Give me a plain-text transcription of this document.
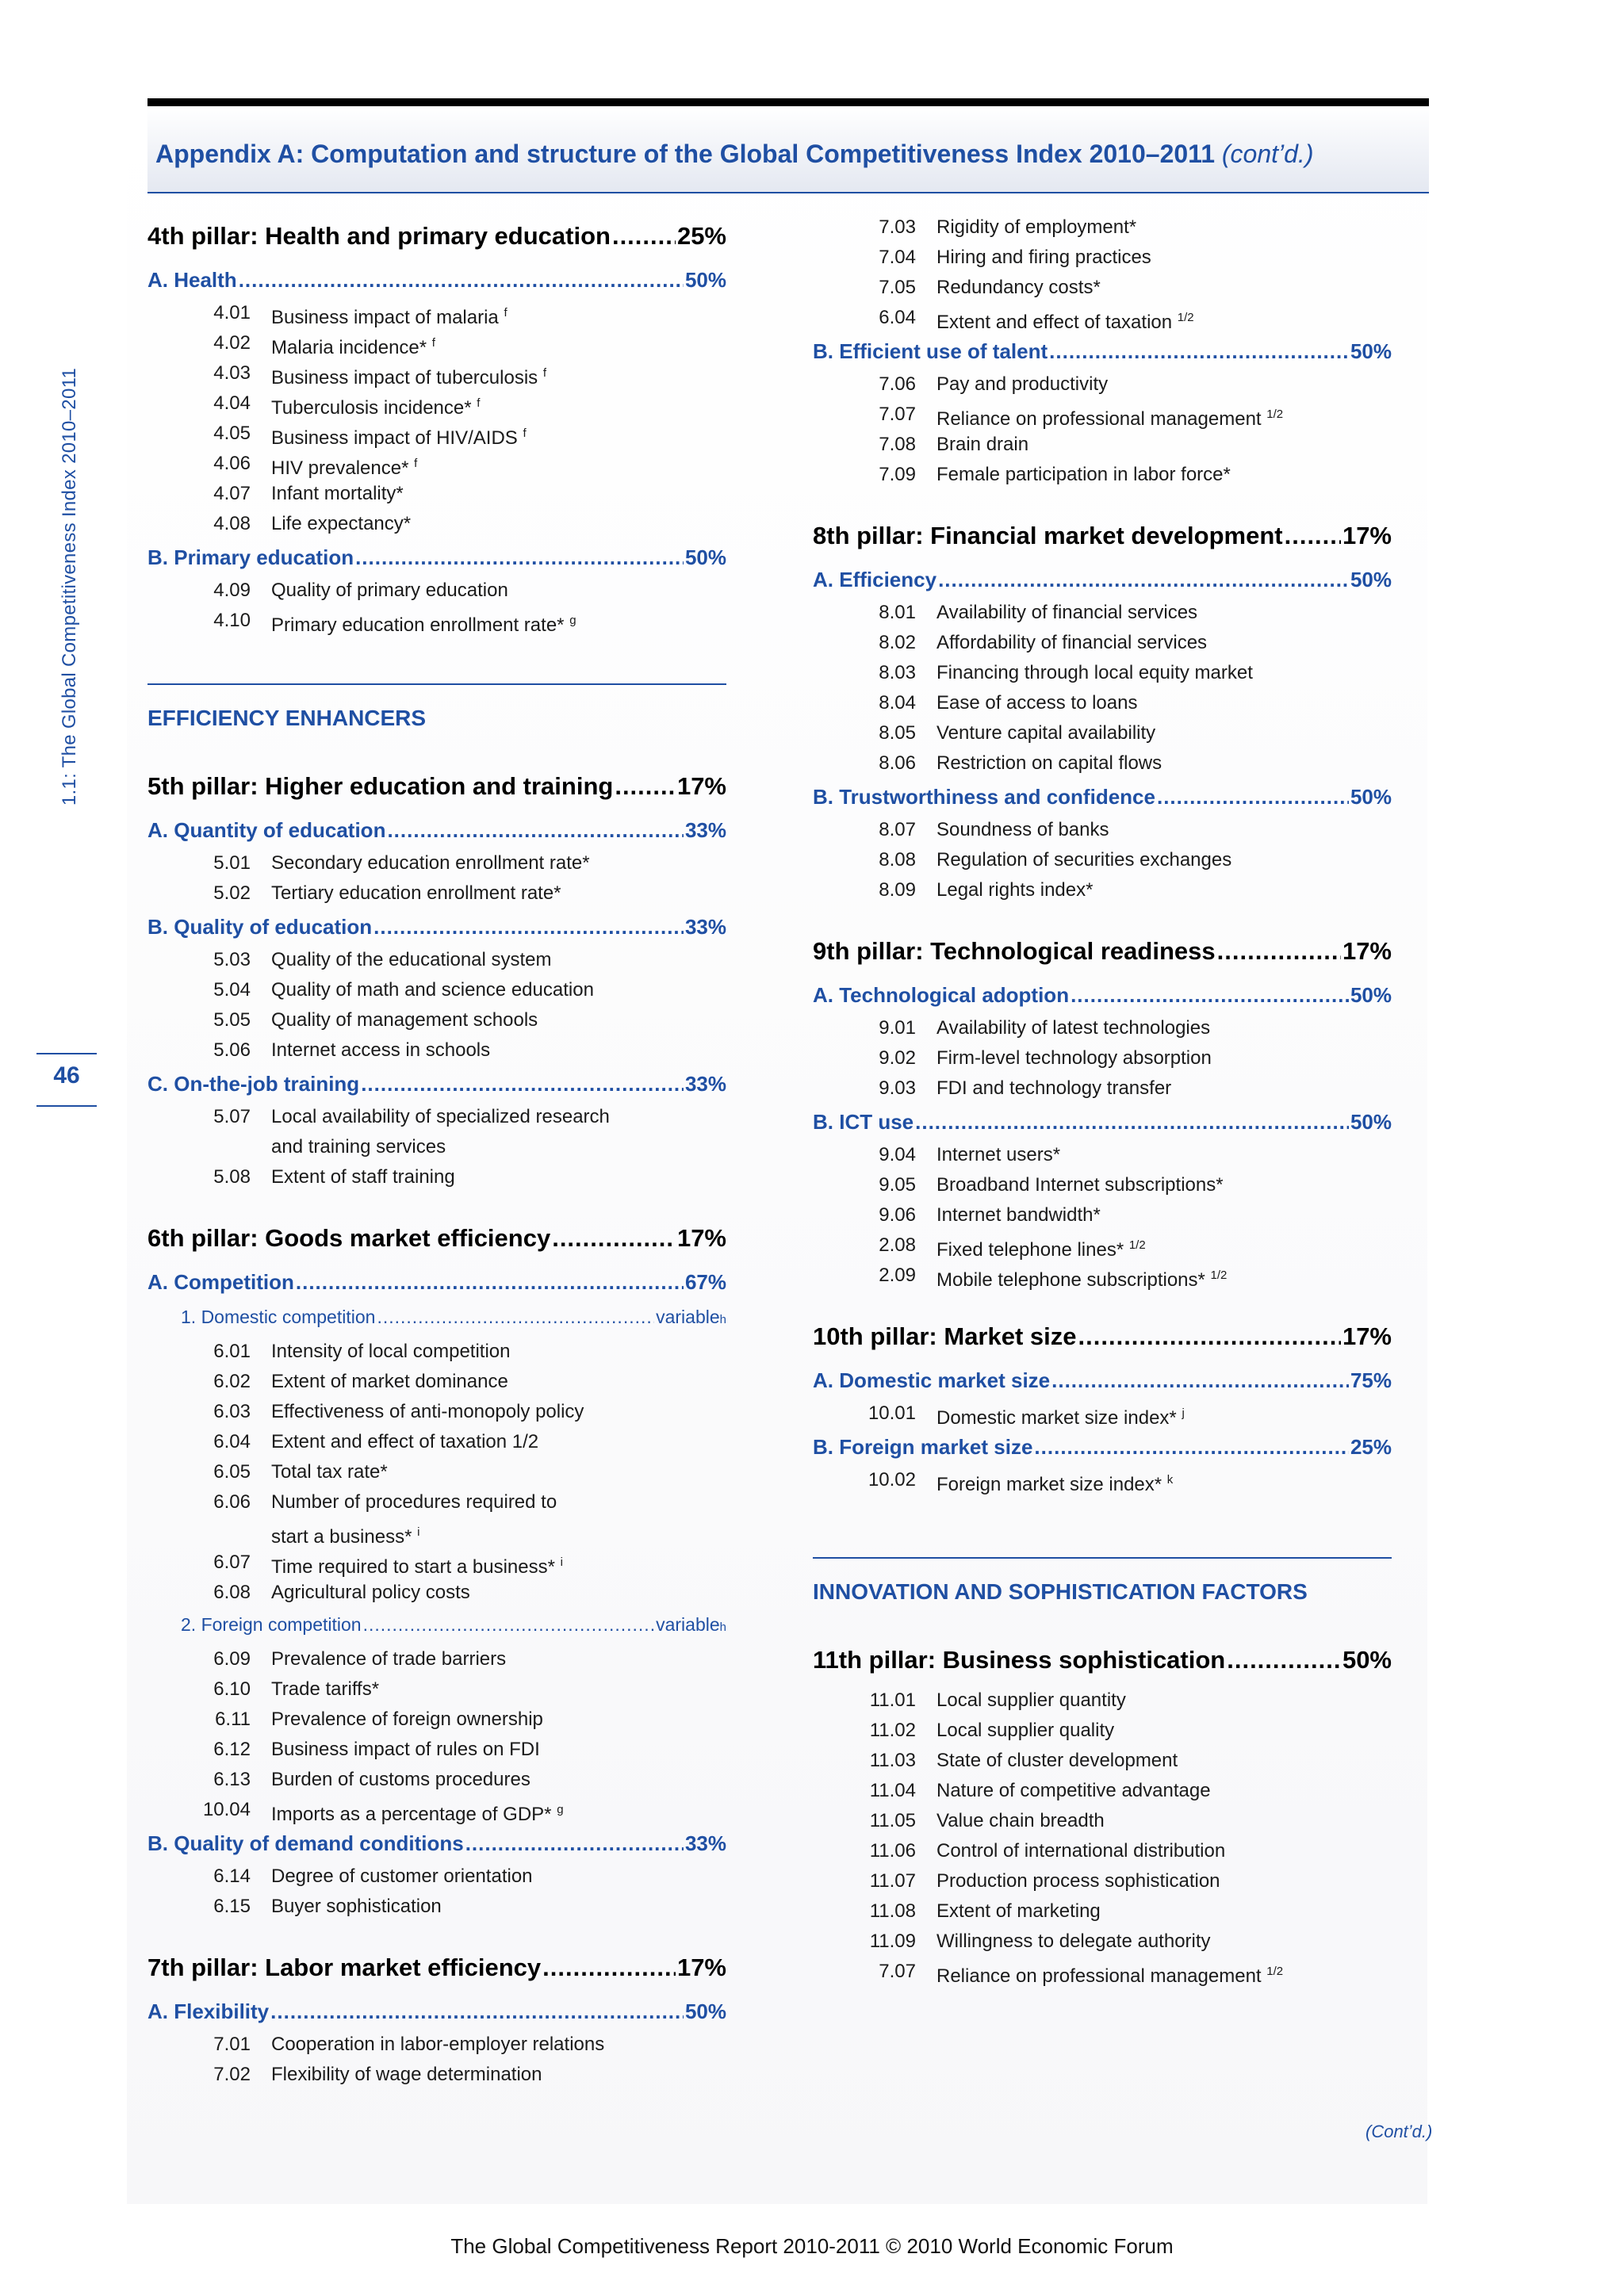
1.1: The Global Competitiveness Index 2010–2011
46
Appendix A: Computation and structure of the Global Competitiveness Index 2010–2011 (cont’d.)
4th pillar: Health and primary education .....	25%
A. Health .....	50%
4.01	Business impact of malaria $^f$
4.02	Malaria incidence* $^f$
4.03	Business impact of tuberculosis $^f$
4.04	Tuberculosis incidence* $^f$
4.05	Business impact of HIV/AIDS $^f$
4.06	HIV prevalence* $^f$
4.07	Infant mortality*
4.08	Life expectancy*
B. Primary education .....	50%
4.09	Quality of primary education
4.10	Primary education enrollment rate* $^g$
EFFICIENCY ENHANCERS
5th pillar: Higher education and training .....	17%
A. Quantity of education .....	33%
5.01	Secondary education enrollment rate*
5.02	Tertiary education enrollment rate*
B. Quality of education .....	33%
5.03	Quality of the educational system
5.04	Quality of math and science education
5.05	Quality of management schools
5.06	Internet access in schools
C. On-the-job training .....	33%
5.07	Local availability of specialized research
and training services
5.08	Extent of staff training
6th pillar: Goods market efficiency .....	17%
A. Competition .....	67%
1. Domestic competition .....	variable h
6.01	Intensity of local competition
6.02	Extent of market dominance
6.03	Effectiveness of anti-monopoly policy
6.04	Extent and effect of taxation 1/2
6.05	Total tax rate*
6.06	Number of procedures required to
start a business* $^i$
6.07	Time required to start a business* $^i$
6.08	Agricultural policy costs
2. Foreign competition .....	variable h
6.09	Prevalence of trade barriers
6.10	Trade tariffs*
6.11	Prevalence of foreign ownership
6.12	Business impact of rules on FDI
6.13	Burden of customs procedures
10.04	Imports as a percentage of GDP* $^g$
B. Quality of demand conditions .....	33%
6.14	Degree of customer orientation
6.15	Buyer sophistication
7th pillar: Labor market efficiency .....	17%
A. Flexibility .....	50%
7.01	Cooperation in labor-employer relations
7.02	Flexibility of wage determination
7.03	Rigidity of employment*
7.04	Hiring and firing practices
7.05	Redundancy costs*
6.04	Extent and effect of taxation $^{1/2}$
B. Efficient use of talent .....	50%
7.06	Pay and productivity
7.07	Reliance on professional management $^{1/2}$
7.08	Brain drain
7.09	Female participation in labor force*
8th pillar: Financial market development ..... 17%
A. Efficiency .....	50%
8.01	Availability of financial services
8.02	Affordability of financial services
8.03	Financing through local equity market
8.04	Ease of access to loans
8.05	Venture capital availability
8.06	Restriction on capital flows
B. Trustworthiness and confidence .....	50%
8.07	Soundness of banks
8.08	Regulation of securities exchanges
8.09	Legal rights index*
9th pillar: Technological readiness .....	17%
A. Technological adoption .....	50%
9.01	Availability of latest technologies
9.02	Firm-level technology absorption
9.03	FDI and technology transfer
B. ICT use .....	50%
9.04	Internet users*
9.05	Broadband Internet subscriptions*
9.06	Internet bandwidth*
2.08	Fixed telephone lines* $^{1/2}$
2.09	Mobile telephone subscriptions* $^{1/2}$
10th pillar: Market size .....	17%
A. Domestic market size .....	75%
10.01	Domestic market size index* $^j$
B. Foreign market size .....	25%
10.02	Foreign market size index* $^k$
INNOVATION AND SOPHISTICATION FACTORS
11th pillar: Business sophistication .....	50%
11.01	Local supplier quantity
11.02	Local supplier quality
11.03	State of cluster development
11.04	Nature of competitive advantage
11.05	Value chain breadth
11.06	Control of international distribution
11.07	Production process sophistication
11.08	Extent of marketing
11.09	Willingness to delegate authority
7.07	Reliance on professional management $^{1/2}$
(Cont’d.)
The Global Competitiveness Report 2010-2011 © 2010 World Economic Forum
